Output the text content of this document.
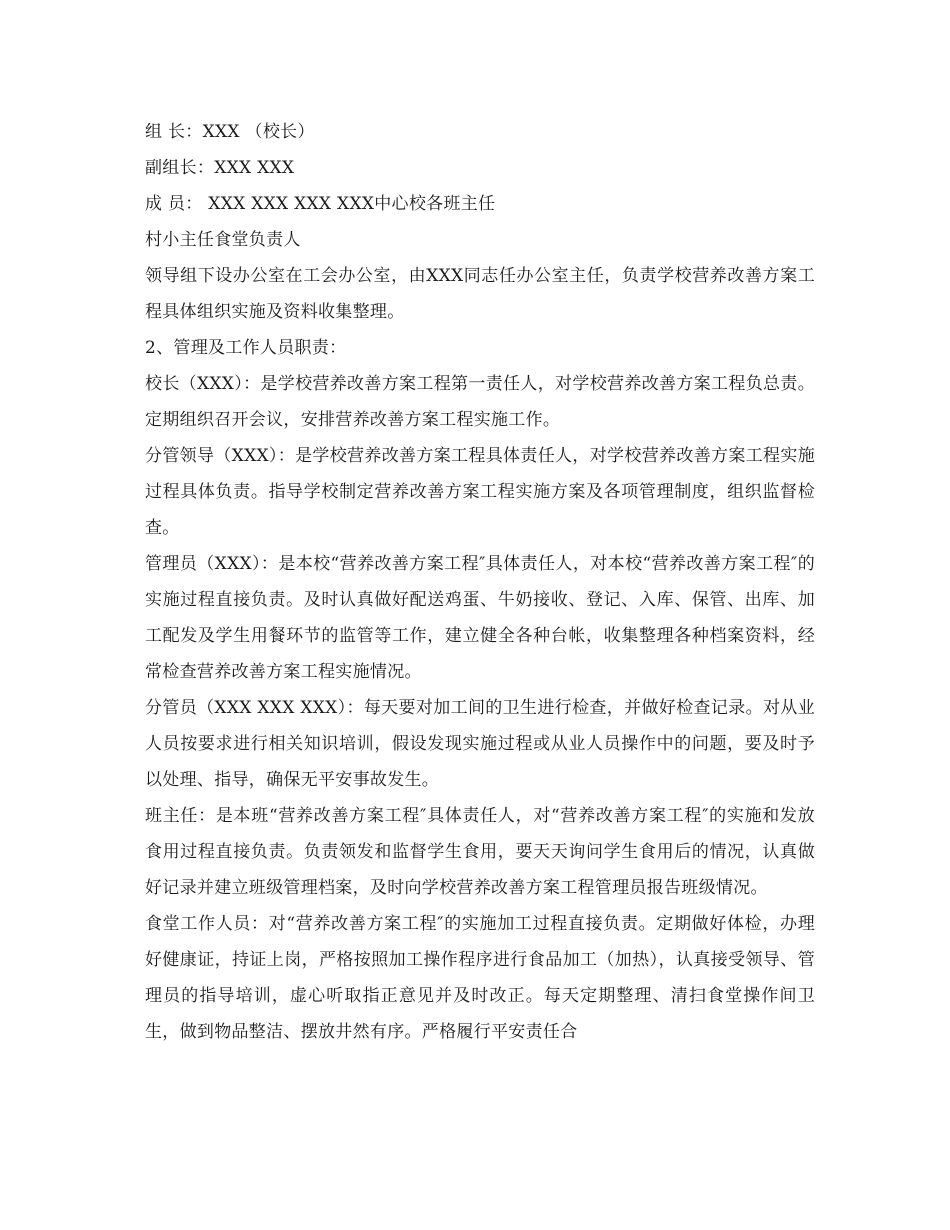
组 长：XXX （校长）

副组长：XXX XXX

成 员： XXX XXX XXX XXX中心校各班主任

村小主任食堂负责人

领导组下设办公室在工会办公室，由XXX同志任办公室主任，负责学校营养改善方案工程具体组织实施及资料收集整理。

2、管理及工作人员职责：

校长（XXX）：是学校营养改善方案工程第一责任人，对学校营养改善方案工程负总责。定期组织召开会议，安排营养改善方案工程实施工作。

分管领导（XXX）：是学校营养改善方案工程具体责任人，对学校营养改善方案工程实施过程具体负责。指导学校制定营养改善方案工程实施方案及各项管理制度，组织监督检查。

管理员（XXX）：是本校“营养改善方案工程″具体责任人，对本校“营养改善方案工程″的实施过程直接负责。及时认真做好配送鸡蛋、牛奶接收、登记、入库、保管、出库、加工配发及学生用餐环节的监管等工作，建立健全各种台帐，收集整理各种档案资料，经常检查营养改善方案工程实施情况。

分管员（XXX XXX XXX）：每天要对加工间的卫生进行检查，并做好检查记录。对从业人员按要求进行相关知识培训，假设发现实施过程或从业人员操作中的问题，要及时予以处理、指导，确保无平安事故发生。

班主任：是本班“营养改善方案工程″具体责任人，对“营养改善方案工程″的实施和发放食用过程直接负责。负责领发和监督学生食用，要天天询问学生食用后的情况，认真做好记录并建立班级管理档案，及时向学校营养改善方案工程管理员报告班级情况。

食堂工作人员：对“营养改善方案工程″的实施加工过程直接负责。定期做好体检，办理好健康证，持证上岗，严格按照加工操作程序进行食品加工（加热），认真接受领导、管理员的指导培训，虚心听取指正意见并及时改正。每天定期整理、清扫食堂操作间卫生，做到物品整洁、摆放井然有序。严格履行平安责任合
